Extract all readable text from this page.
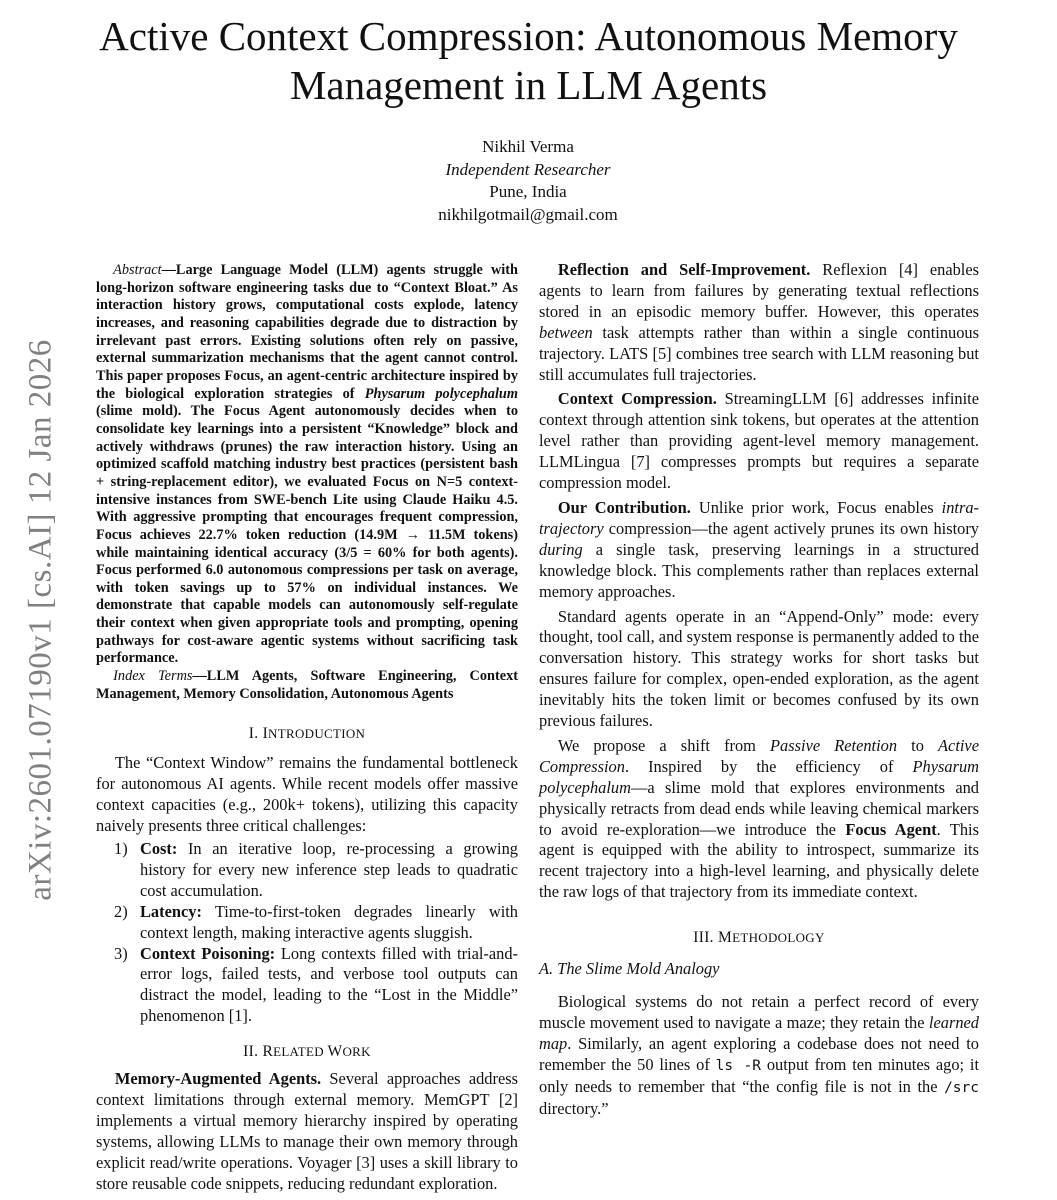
Active Context Compression: Autonomous Memory
Management in LLM Agents
Nikhil Verma
Independent Researcher
Pune, India
nikhilgotmail@gmail.com
arXiv:2601.07190v1 [cs.AI] 12 Jan 2026

Abstract—Large Language Model (LLM) agents struggle with long-horizon software engineering tasks due to “Context Bloat.” As interaction history grows, computational costs explode, latency increases, and reasoning capabilities degrade due to distraction by irrelevant past errors. Existing solutions often rely on passive, external summarization mechanisms that the agent cannot control. This paper proposes Focus, an agent-centric architecture inspired by the biological exploration strategies of Physarum polycephalum (slime mold). The Focus Agent autonomously decides when to consolidate key learnings into a persistent “Knowledge” block and actively withdraws (prunes) the raw interaction history. Using an optimized scaffold matching industry best practices (persistent bash + string-replacement editor), we evaluated Focus on N=5 context-intensive instances from SWE-bench Lite using Claude Haiku 4.5. With aggressive prompting that encourages frequent compression, Focus achieves 22.7% token reduction (14.9M → 11.5M tokens) while maintaining identical accuracy (3/5 = 60% for both agents). Focus performed 6.0 autonomous compressions per task on average, with token savings up to 57% on individual instances. We demonstrate that capable models can autonomously self-regulate their context when given appropriate tools and prompting, opening pathways for cost-aware agentic systems without sacrificing task performance.

Index Terms—LLM Agents, Software Engineering, Context Management, Memory Consolidation, Autonomous Agents

I. INTRODUCTION

The “Context Window” remains the fundamental bottleneck for autonomous AI agents. While recent models offer massive context capacities (e.g., 200k+ tokens), utilizing this capacity naively presents three critical challenges:

1) Cost: In an iterative loop, re-processing a growing history for every new inference step leads to quadratic cost accumulation.
2) Latency: Time-to-first-token degrades linearly with context length, making interactive agents sluggish.
3) Context Poisoning: Long contexts filled with trial-and-error logs, failed tests, and verbose tool outputs can distract the model, leading to the “Lost in the Middle” phenomenon [1].
II. RELATED WORK

Memory-Augmented Agents. Several approaches address context limitations through external memory. MemGPT [2] implements a virtual memory hierarchy inspired by operating systems, allowing LLMs to manage their own memory through explicit read/write operations. Voyager [3] uses a skill library to store reusable code snippets, reducing redundant exploration.

Reflection and Self-Improvement. Reflexion [4] enables agents to learn from failures by generating textual reflections stored in an episodic memory buffer. However, this operates between task attempts rather than within a single continuous trajectory. LATS [5] combines tree search with LLM reasoning but still accumulates full trajectories.

Context Compression. StreamingLLM [6] addresses infinite context through attention sink tokens, but operates at the attention level rather than providing agent-level memory management. LLMLingua [7] compresses prompts but requires a separate compression model.

Our Contribution. Unlike prior work, Focus enables intra-trajectory compression—the agent actively prunes its own history during a single task, preserving learnings in a structured knowledge block. This complements rather than replaces external memory approaches.

Standard agents operate in an “Append-Only” mode: every thought, tool call, and system response is permanently added to the conversation history. This strategy works for short tasks but ensures failure for complex, open-ended exploration, as the agent inevitably hits the token limit or becomes confused by its own previous failures.

We propose a shift from Passive Retention to Active Compression. Inspired by the efficiency of Physarum polycephalum—a slime mold that explores environments and physically retracts from dead ends while leaving chemical markers to avoid re-exploration—we introduce the Focus Agent. This agent is equipped with the ability to introspect, summarize its recent trajectory into a high-level learning, and physically delete the raw logs of that trajectory from its immediate context.

III. METHODOLOGY

A. The Slime Mold Analogy

Biological systems do not retain a perfect record of every muscle movement used to navigate a maze; they retain the learned map. Similarly, an agent exploring a codebase does not need to remember the 50 lines of ls -R output from ten minutes ago; it only needs to remember that “the config file is not in the /src directory.”
